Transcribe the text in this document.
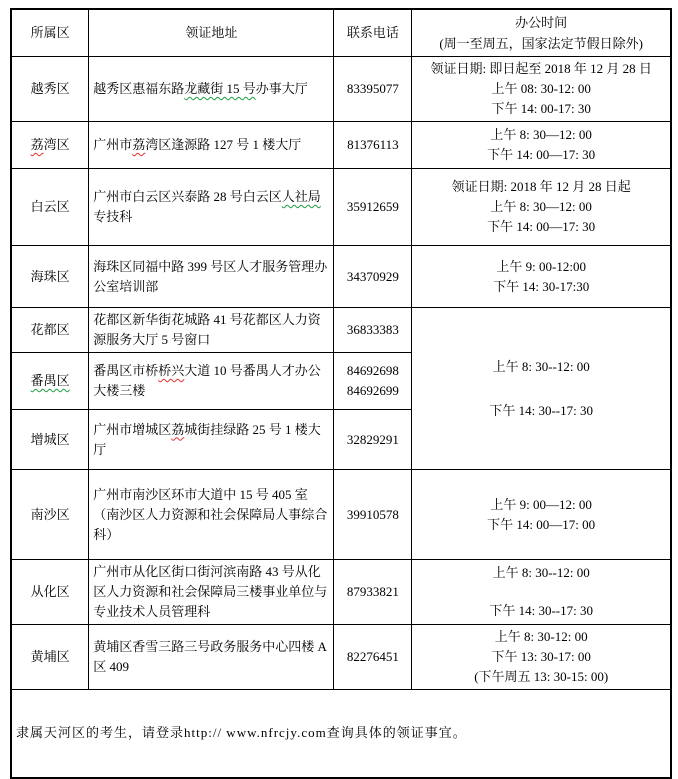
所属区	领证地址	联系电话	办公时间
(周一至周五，国家法定节假日除外)

越秀区	越秀区惠福东路龙藏街 15 号办事大厅	83395077	领证日期: 即日起至 2018 年 12 月 28 日
上午 08: 30-12: 00
下午 14: 00-17: 30

荔湾区	广州市荔湾区逢源路 127 号 1 楼大厅	81376113	上午 8: 30—12: 00
下午 14: 00—17: 30

白云区	广州市白云区兴泰路 28 号白云区人社局专技科	35912659	领证日期: 2018 年 12 月 28 日起
上午 8: 30—12: 00
下午 14: 00—17: 30

海珠区	海珠区同福中路 399 号区人才服务管理办公室培训部	34370929	上午 9: 00-12:00
下午 14: 30-17:30

花都区	花都区新华街花城路 41 号花都区人力资源服务大厅 5 号窗口	36833383	上午 8: 30--12: 00
下午 14: 30--17: 30

番禺区	番禺区市桥桥兴大道 10 号番禺人才办公大楼三楼	84692698
84692699	

增城区	广州市增城区荔城街挂绿路 25 号 1 楼大厅	32829291	

南沙区	广州市南沙区环市大道中 15 号 405 室（南沙区人力资源和社会保障局人事综合科）	39910578	上午 9: 00—12: 00
下午 14: 00—17: 00

从化区	广州市从化区街口街河滨南路 43 号从化区人力资源和社会保障局三楼事业单位与专业技术人员管理科	87933821	上午 8: 30--12: 00
下午 14: 30--17: 30

黄埔区	黄埔区香雪三路三号政务服务中心四楼 A 区 409	82276451	上午 8: 30-12: 00
下午 13: 30-17: 00
(下午周五 13: 30-15: 00)

隶属天河区的考生，请登录http:// www.nfrcjy.com查询具体的领证事宜。			
